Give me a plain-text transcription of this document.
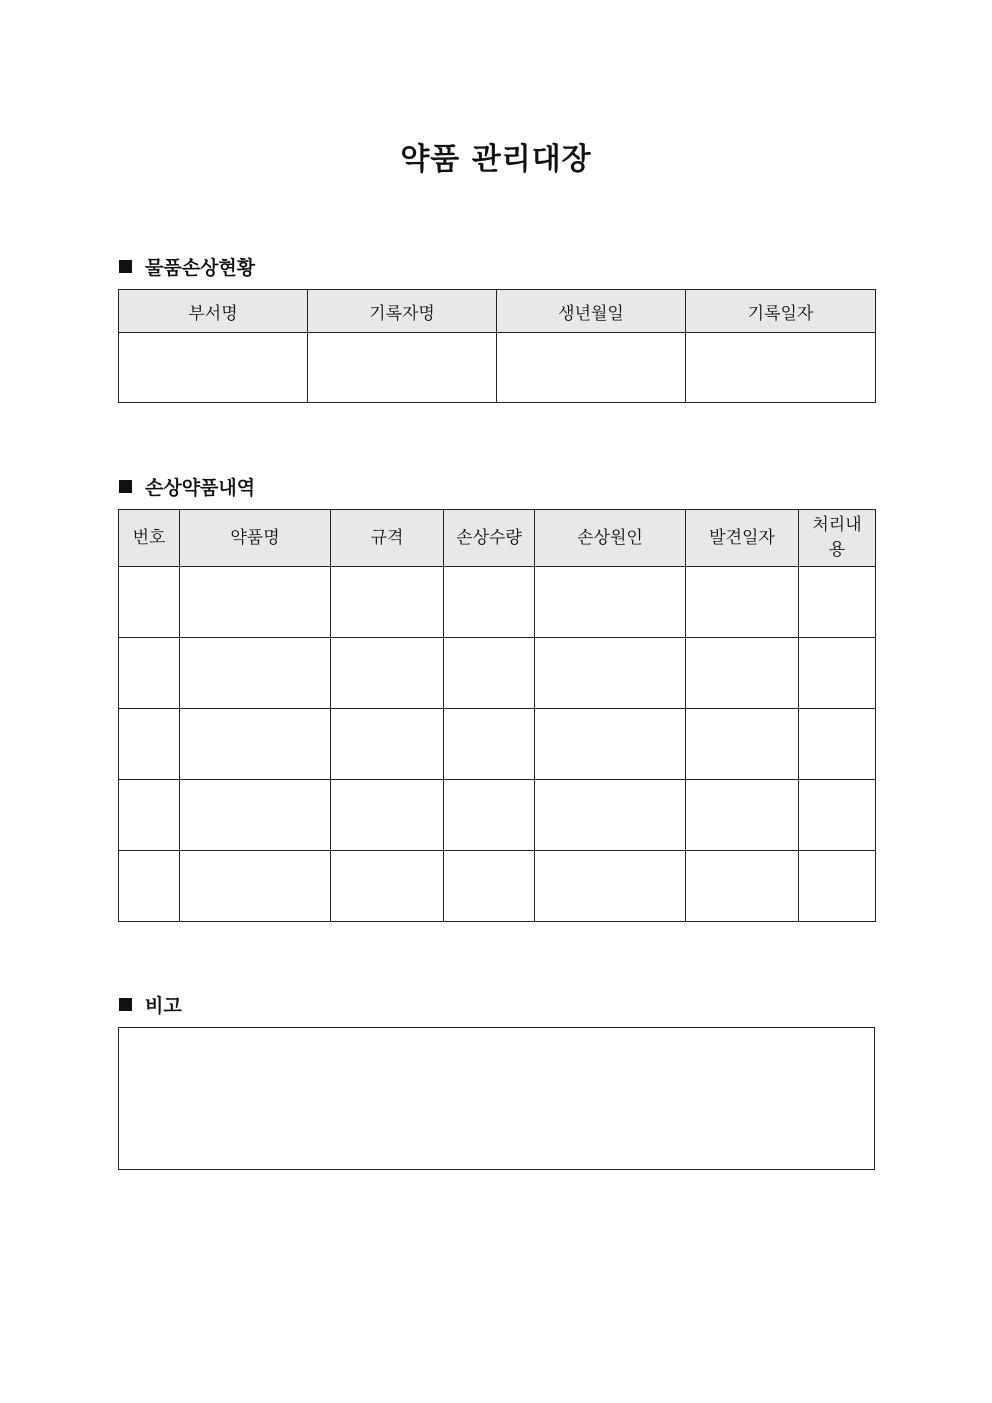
약품 관리대장
물품손상현황
부서명	기록자명	생년월일	기록일자

손상약품내역
번호	약품명	규격	손상수량	손상원인	발견일자	처리내용

비고
